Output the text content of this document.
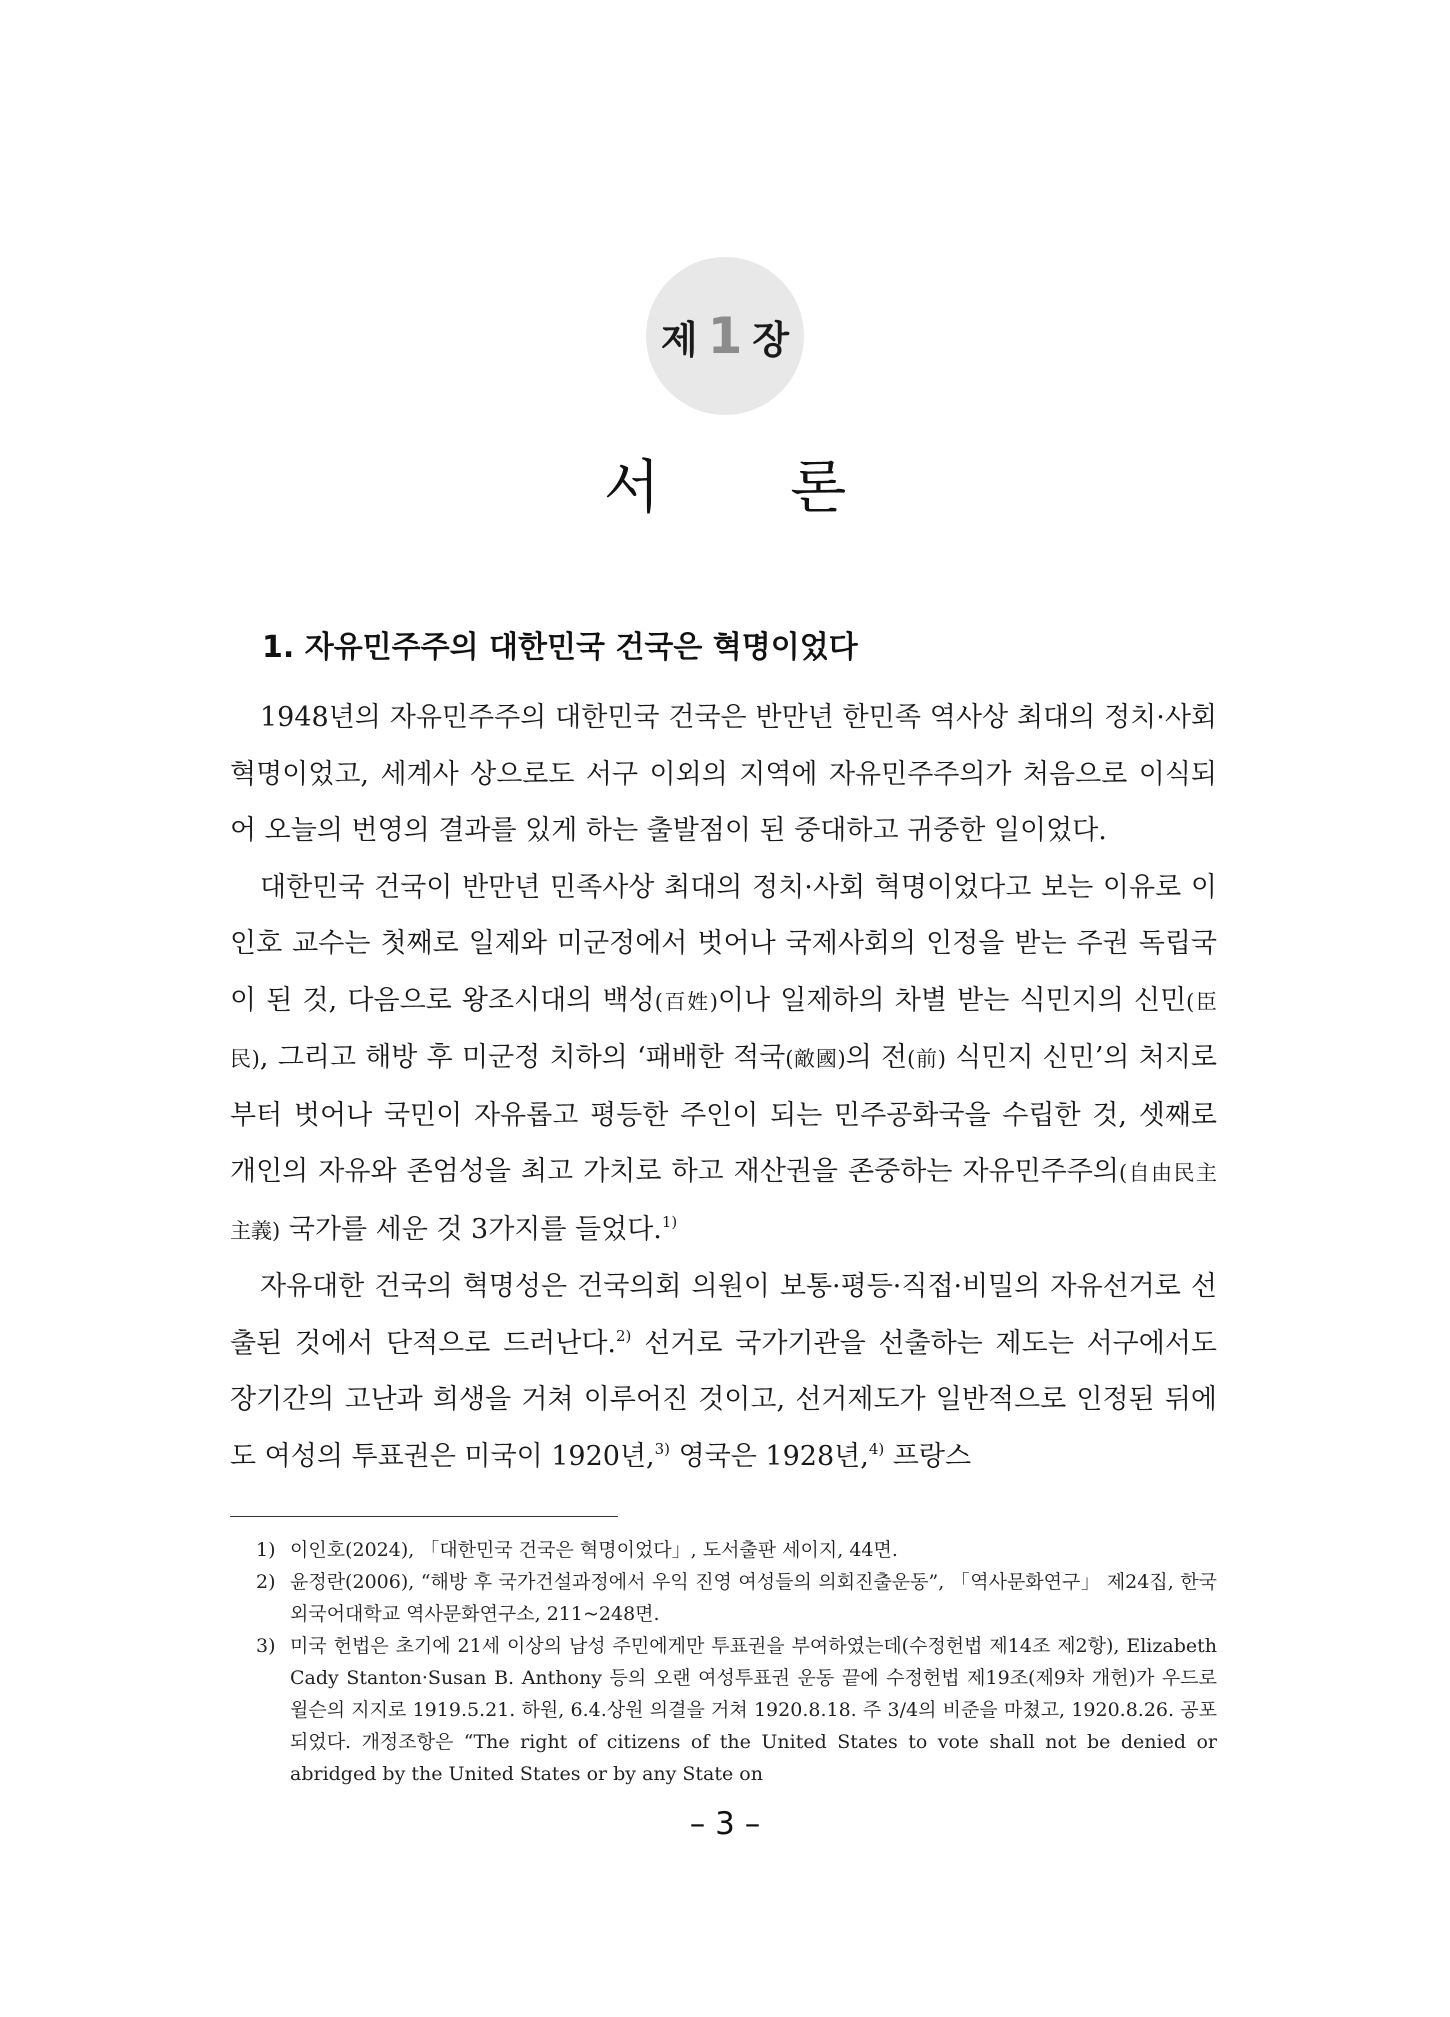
제 1 장
서 론
1. 자유민주주의 대한민국 건국은 혁명이었다

1948년의 자유민주주의 대한민국 건국은 반만년 한민족 역사상 최대의 정치·사회 혁명이었고, 세계사 상으로도 서구 이외의 지역에 자유민주주의가 처음으로 이식되어 오늘의 번영의 결과를 있게 하는 출발점이 된 중대하고 귀중한 일이었다.

대한민국 건국이 반만년 민족사상 최대의 정치·사회 혁명이었다고 보는 이유로 이인호 교수는 첫째로 일제와 미군정에서 벗어나 국제사회의 인정을 받는 주권 독립국이 된 것, 다음으로 왕조시대의 백성(百姓)이나 일제하의 차별 받는 식민지의 신민(臣民), 그리고 해방 후 미군정 치하의 ‘패배한 적국(敵國)의 전(前) 식민지 신민’의 처지로부터 벗어나 국민이 자유롭고 평등한 주인이 되는 민주공화국을 수립한 것, 셋째로 개인의 자유와 존엄성을 최고 가치로 하고 재산권을 존중하는 자유민주주의(自由民主主義) 국가를 세운 것 3가지를 들었다.$^{1)}$

자유대한 건국의 혁명성은 건국의회 의원이 보통·평등·직접·비밀의 자유선거로 선출된 것에서 단적으로 드러난다.$^{2)}$ 선거로 국가기관을 선출하는 제도는 서구에서도 장기간의 고난과 희생을 거쳐 이루어진 것이고, 선거제도가 일반적으로 인정된 뒤에도 여성의 투표권은 미국이 1920년,$^{3)}$ 영국은 1928년,$^{4)}$ 프랑스

1) 이인호(2024), 「대한민국 건국은 혁명이었다」, 도서출판 세이지, 44면.
2) 윤정란(2006), “해방 후 국가건설과정에서 우익 진영 여성들의 의회진출운동”, 「역사문화연구」 제24집, 한국외국어대학교 역사문화연구소, 211~248면.
3) 미국 헌법은 초기에 21세 이상의 남성 주민에게만 투표권을 부여하였는데(수정헌법 제14조 제2항), Elizabeth Cady Stanton·Susan B. Anthony 등의 오랜 여성투표권 운동 끝에 수정헌법 제19조(제9차 개헌)가 우드로 윌슨의 지지로 1919.5.21. 하원, 6.4.상원 의결을 거쳐 1920.8.18. 주 3/4의 비준을 마쳤고, 1920.8.26. 공포되었다. 개정조항은 “The right of citizens of the United States to vote shall not be denied or abridged by the United States or by any State on
– 3 –
